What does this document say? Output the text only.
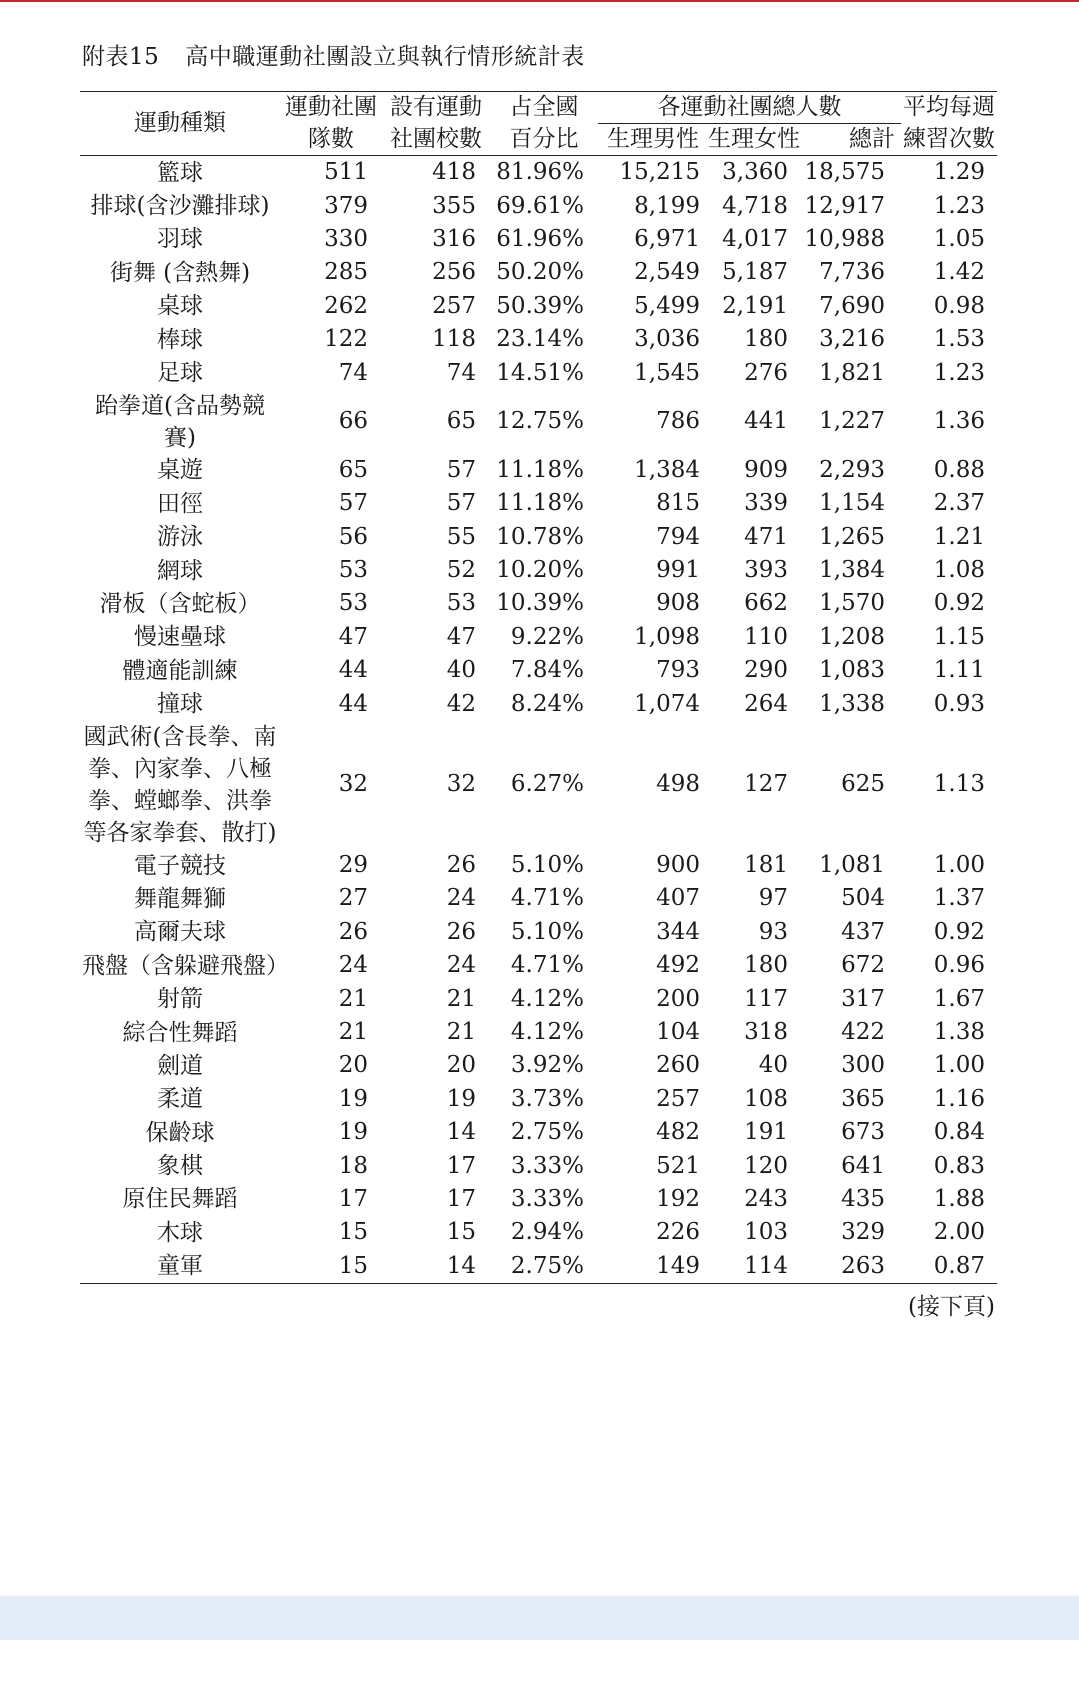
附表15 高中職運動社團設立與執行情形統計表
運動種類	運動社團	設有運動	占全國	各運動社團總人數			平均每週
	隊數	社團校數	百分比	生理男性	生理女性	總計	練習次數
籃球	511	418	81.96%	15,215	3,360	18,575	1.29
排球(含沙灘排球)	379	355	69.61%	8,199	4,718	12,917	1.23
羽球	330	316	61.96%	6,971	4,017	10,988	1.05
街舞 (含熱舞)	285	256	50.20%	2,549	5,187	7,736	1.42
桌球	262	257	50.39%	5,499	2,191	7,690	0.98
棒球	122	118	23.14%	3,036	180	3,216	1.53
足球	74	74	14.51%	1,545	276	1,821	1.23
跆拳道(含品勢競賽)	66	65	12.75%	786	441	1,227	1.36
桌遊	65	57	11.18%	1,384	909	2,293	0.88
田徑	57	57	11.18%	815	339	1,154	2.37
游泳	56	55	10.78%	794	471	1,265	1.21
網球	53	52	10.20%	991	393	1,384	1.08
滑板（含蛇板）	53	53	10.39%	908	662	1,570	0.92
慢速壘球	47	47	9.22%	1,098	110	1,208	1.15
體適能訓練	44	40	7.84%	793	290	1,083	1.11
撞球	44	42	8.24%	1,074	264	1,338	0.93
國武術(含長拳、南拳、內家拳、八極拳、螳螂拳、洪拳等各家拳套、散打)	32	32	6.27%	498	127	625	1.13
電子競技	29	26	5.10%	900	181	1,081	1.00
舞龍舞獅	27	24	4.71%	407	97	504	1.37
高爾夫球	26	26	5.10%	344	93	437	0.92
飛盤（含躲避飛盤）	24	24	4.71%	492	180	672	0.96
射箭	21	21	4.12%	200	117	317	1.67
綜合性舞蹈	21	21	4.12%	104	318	422	1.38
劍道	20	20	3.92%	260	40	300	1.00
柔道	19	19	3.73%	257	108	365	1.16
保齡球	19	14	2.75%	482	191	673	0.84
象棋	18	17	3.33%	521	120	641	0.83
原住民舞蹈	17	17	3.33%	192	243	435	1.88
木球	15	15	2.94%	226	103	329	2.00
童軍	15	14	2.75%	149	114	263	0.87
(接下頁)
